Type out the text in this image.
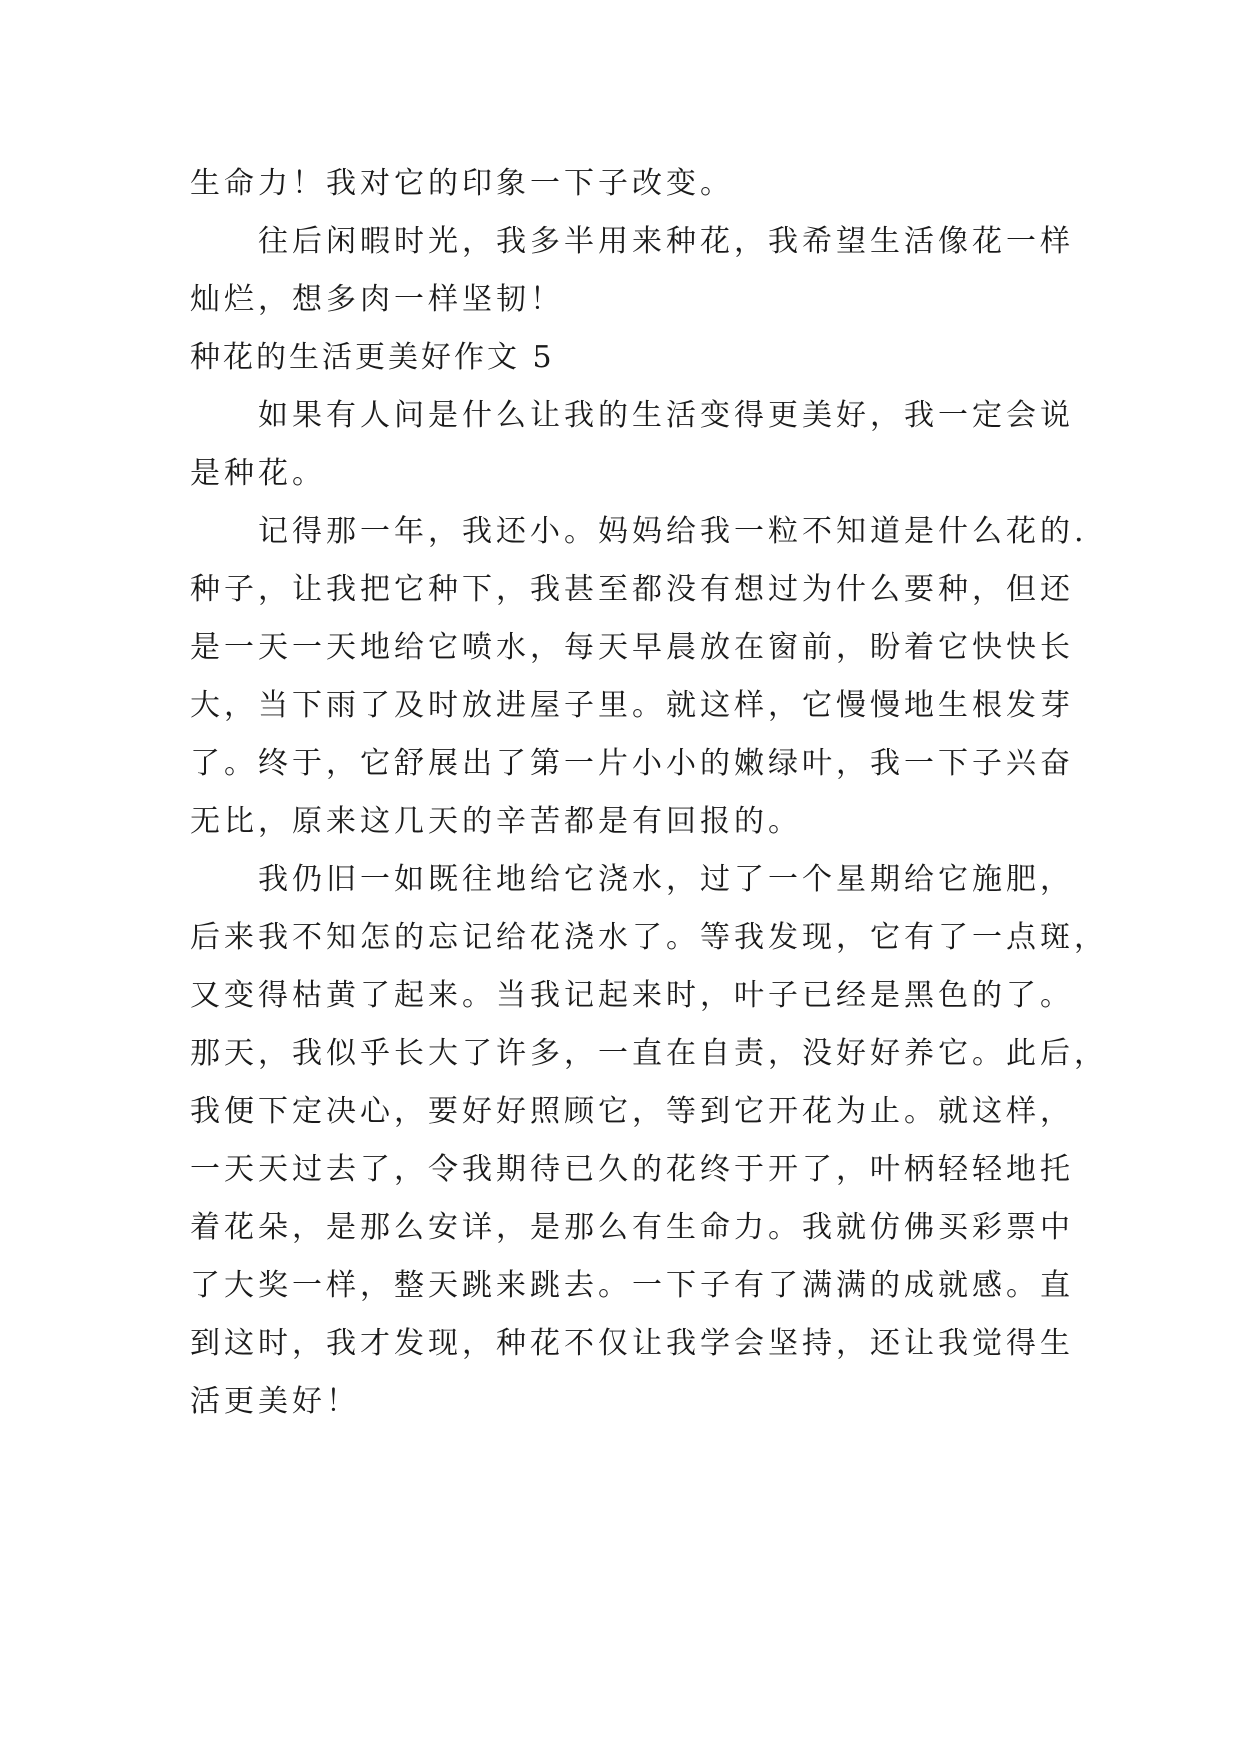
生命力！我对它的印象一下子改变。
往后闲暇时光，我多半用来种花，我希望生活像花一样
灿烂，想多肉一样坚韧！
种花的生活更美好作文 5
如果有人问是什么让我的生活变得更美好，我一定会说
是种花。
记得那一年，我还小。妈妈给我一粒不知道是什么花的.
种子，让我把它种下，我甚至都没有想过为什么要种，但还
是一天一天地给它喷水，每天早晨放在窗前，盼着它快快长
大，当下雨了及时放进屋子里。就这样，它慢慢地生根发芽
了。终于，它舒展出了第一片小小的嫩绿叶，我一下子兴奋
无比，原来这几天的辛苦都是有回报的。
我仍旧一如既往地给它浇水，过了一个星期给它施肥，
后来我不知怎的忘记给花浇水了。等我发现，它有了一点斑，
又变得枯黄了起来。当我记起来时，叶子已经是黑色的了。
那天，我似乎长大了许多，一直在自责，没好好养它。此后，
我便下定决心，要好好照顾它，等到它开花为止。就这样，
一天天过去了，令我期待已久的花终于开了，叶柄轻轻地托
着花朵，是那么安详，是那么有生命力。我就仿佛买彩票中
了大奖一样，整天跳来跳去。一下子有了满满的成就感。直
到这时，我才发现，种花不仅让我学会坚持，还让我觉得生
活更美好！
